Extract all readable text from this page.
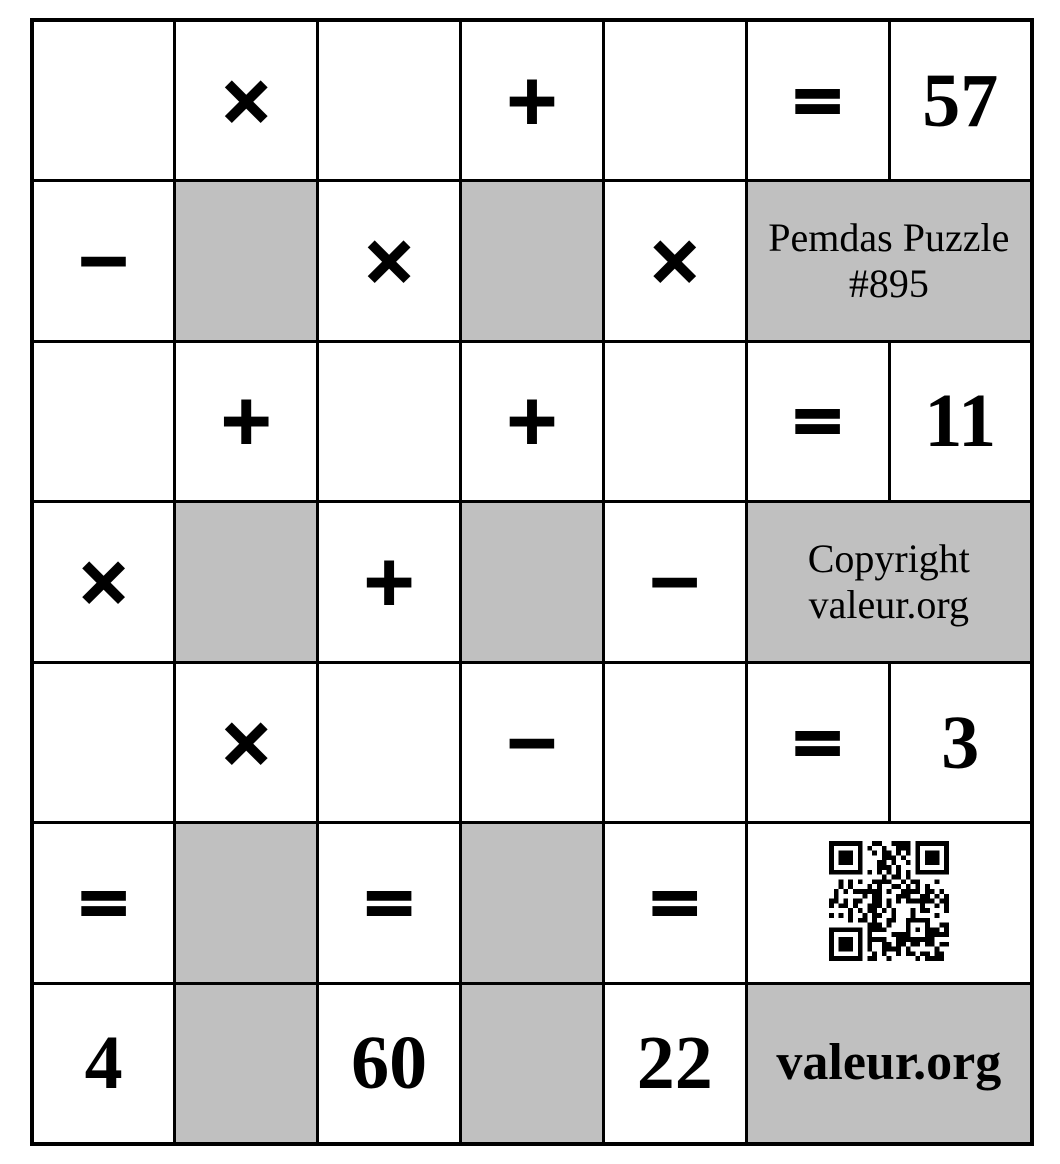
	×		+		=	57
−		×		×	Pemdas Puzzle
#895	

	+		+		=	11
×		+		−	Copyright
valeur.org	

	×		−		=	3
=		=		=	

4		60		22	valeur.org	
